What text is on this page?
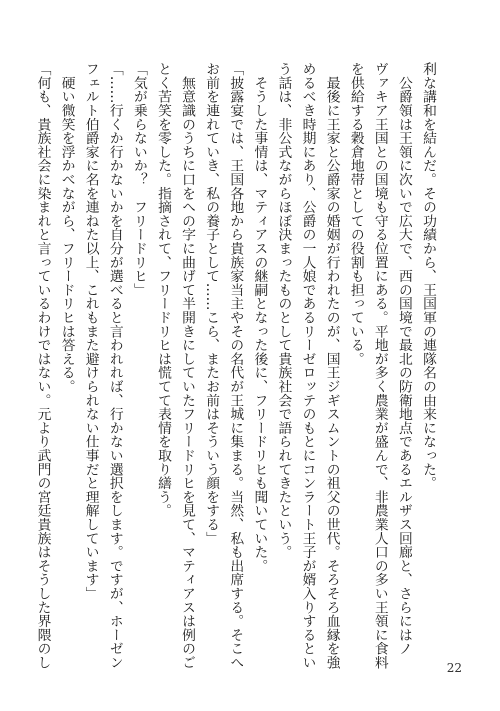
利な講和を結んだ。その功績から、王国軍の連隊名の由来になった。
　公爵領は王領に次いで広大で、西の国境で最北の防衛地点であるエルザス回廊と、さらにはノ
ヴァキア王国との国境も守る位置にある。平地が多く農業が盛んで、非農業人口の多い王領に食料
を供給する穀倉地帯としての役割も担っている。
　最後に王家と公爵家の婚姻が行われたのが、国王ジギスムントの祖父の世代。そろそろ血縁を強
めるべき時期にあり、公爵の一人娘であるリーゼロッテのもとにコンラート王子が婿入りするとい
う話は、非公式ながらほぼ決まったものとして貴族社会で語られてきたという。
　そうした事情は、マティアスの継嗣となった後に、フリードリヒも聞いていた。
「披露宴では、王国各地から貴族家当主やその名代が王城に集まる。当然、私も出席する。そこへ
お前を連れていき、私の養子として……こら、またお前はそういう顔をする」
　無意識のうちに口をへの字に曲げて半開きにしていたフリードリヒを見て、マティアスは例のご
とく苦笑を零した。指摘されて、フリードリヒは慌てて表情を取り繕う。
「気が乗らないか？　フリードリヒ」
「……行くか行かないかを自分が選べると言われれば、行かない選択をします。ですが、ホーゼン
フェルト伯爵家に名を連ねた以上、これもまた避けられない仕事だと理解しています」
　硬い微笑を浮かべながら、フリードリヒは答える。
「何も、貴族社会に染まれと言っているわけではない。元より武門の宮廷貴族はそうした界隈のし	22
